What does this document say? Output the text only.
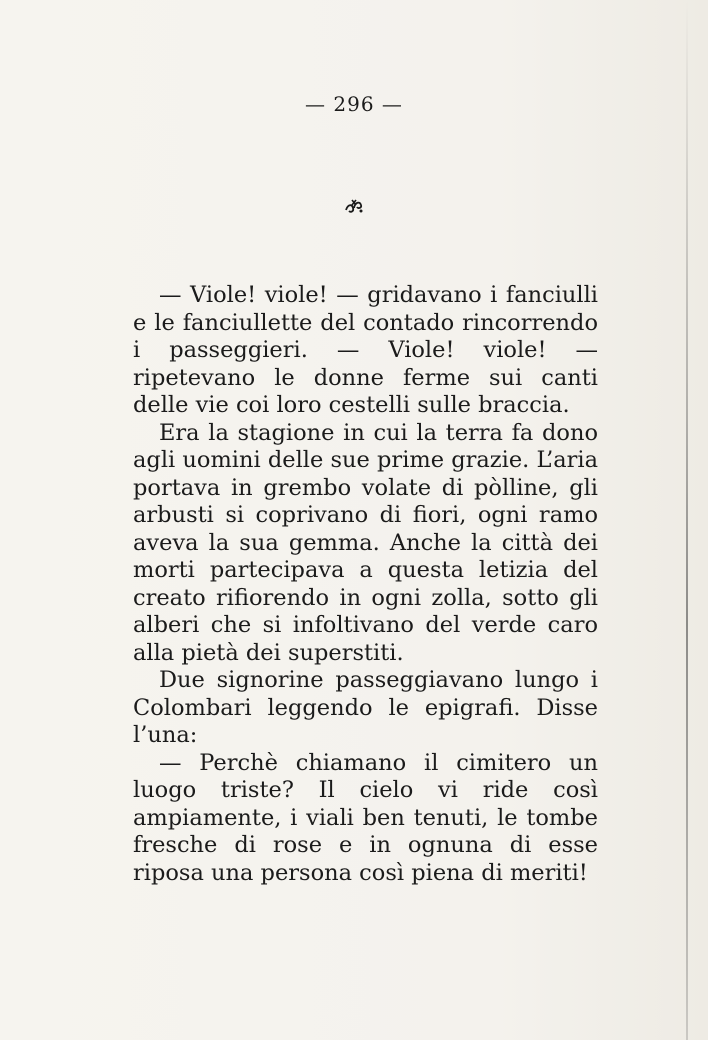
— 296 —

— Viole! viole! — gridavano i fanciulli e le fanciullette del contado rincorrendo i passeggieri. — Viole! viole! — ripetevano le donne ferme sui canti delle vie coi loro cestelli sulle braccia.

Era la stagione in cui la terra fa dono agli uomini delle sue prime grazie. L’aria portava in grembo volate di pòlline, gli arbusti si coprivano di fiori, ogni ramo aveva la sua gemma. Anche la città dei morti partecipava a questa letizia del creato rifiorendo in ogni zolla, sotto gli alberi che si infoltivano del verde caro alla pietà dei superstiti.

Due signorine passeggiavano lungo i Colombari leggendo le epigrafi. Disse l’una:

— Perchè chiamano il cimitero un luogo triste? Il cielo vi ride così ampiamente, i viali ben tenuti, le tombe fresche di rose e in ognuna di esse riposa una persona così piena di meriti!
